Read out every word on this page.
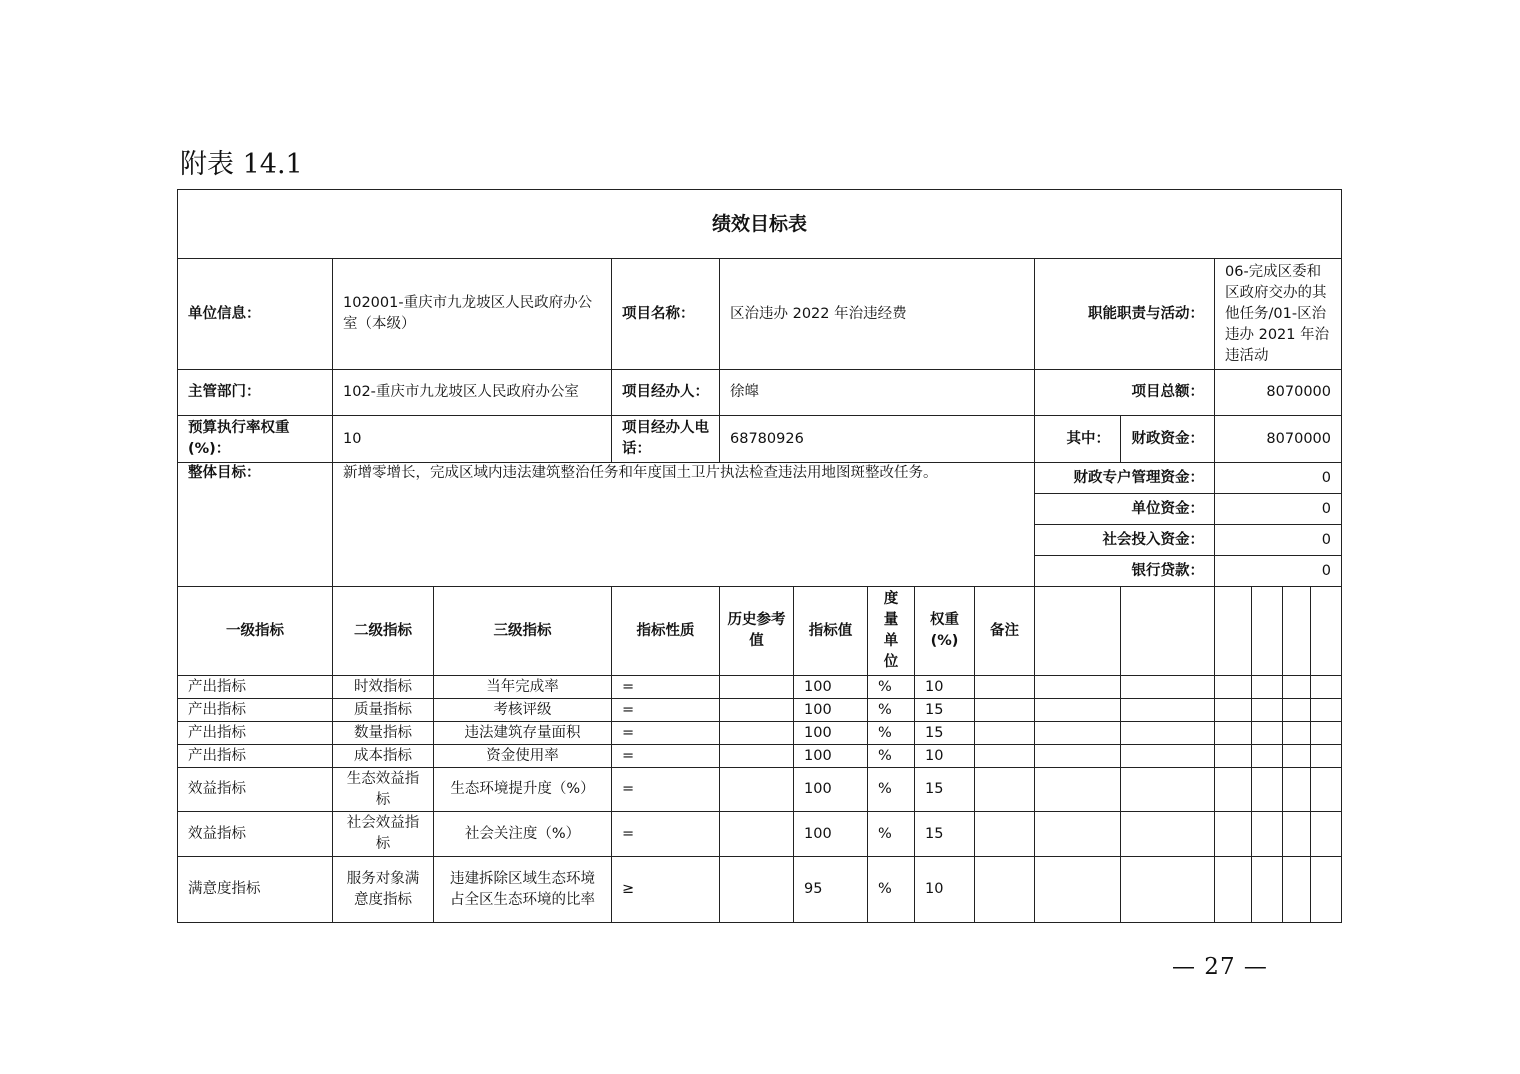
附表 14.1
绩效目标表														
单位信息：	102001-重庆市九龙坡区人民政府办公室（本级）		项目名称：	区治违办 2022 年治违经费					职能职责与活动：		06-完成区委和区政府交办的其他任务/01-区治违办 2021 年治违活动			
主管部门：	102-重庆市九龙坡区人民政府办公室		项目经办人：	徐皡					项目总额：		8070000			
预算执行率权重(%)：	10		项目经办人电话：	68780926					其中：	财政资金：	8070000			
整体目标：	新增零增长，完成区域内违法建筑整治任务和年度国土卫片执法检查违法用地图斑整改任务。								财政专户管理资金：		0			
									单位资金：		0			
									社会投入资金：		0			
									银行贷款：		0			
一级指标	二级指标	三级指标	指标性质	历史参考值	指标值	度量单位	权重(%)	备注						
产出指标	时效指标	当年完成率	=		100	%	10							
产出指标	质量指标	考核评级	=		100	%	15							
产出指标	数量指标	违法建筑存量面积	=		100	%	15							
产出指标	成本指标	资金使用率	=		100	%	10							
效益指标	生态效益指标	生态环境提升度（%）	=		100	%	15							
效益指标	社会效益指标	社会关注度（%）	=		100	%	15							
满意度指标	服务对象满意度指标	违建拆除区域生态环境占全区生态环境的比率	≥		95	%	10							
— 27 —
